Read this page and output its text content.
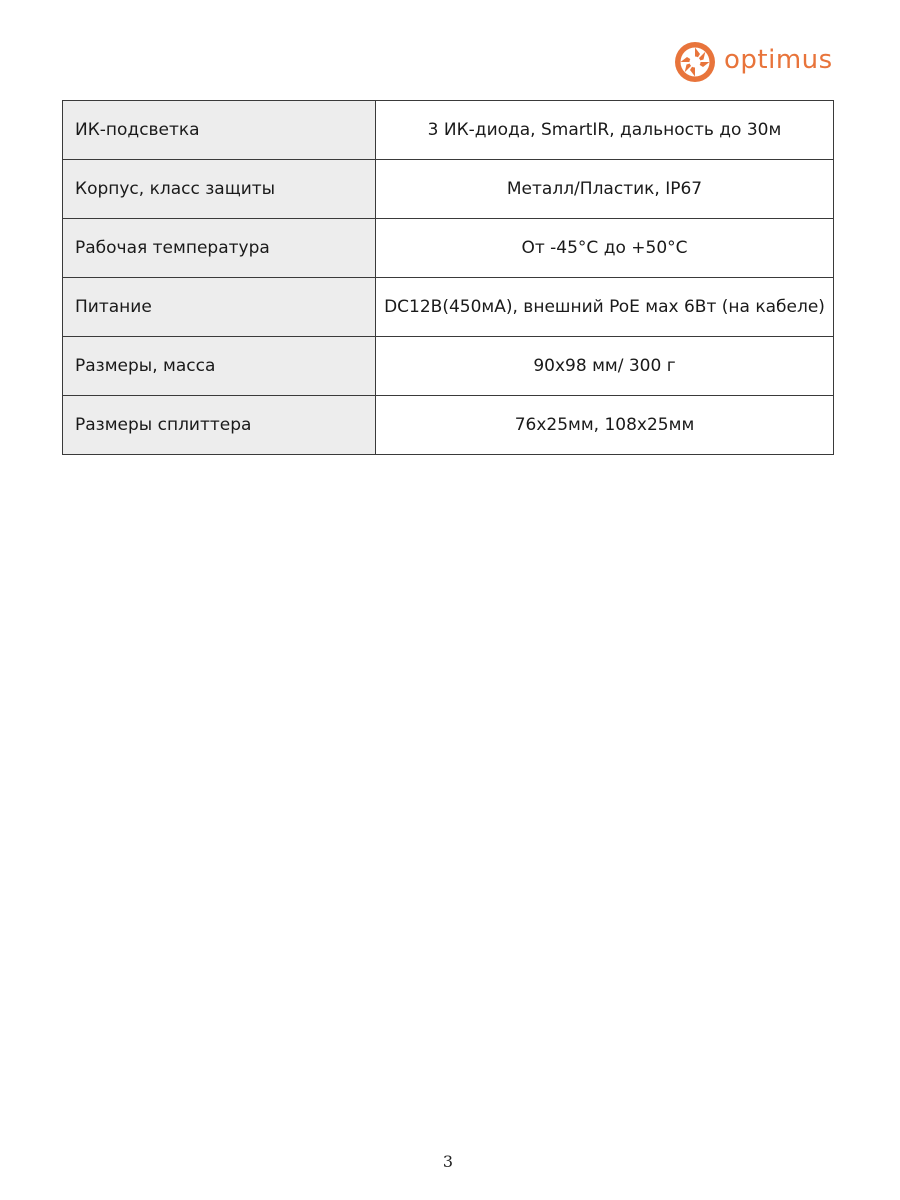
optimus
ИК-подсветка	3 ИК-диода, SmartIR, дальность до 30м
Корпус, класс защиты	Металл/Пластик, IP67
Рабочая температура	От -45°С до +50°С
Питание	DC12В(450мА), внешний PoE мах 6Вт (на кабеле)
Размеры, масса	90х98 мм/ 300 г
Размеры сплиттера	76х25мм, 108х25мм
3
